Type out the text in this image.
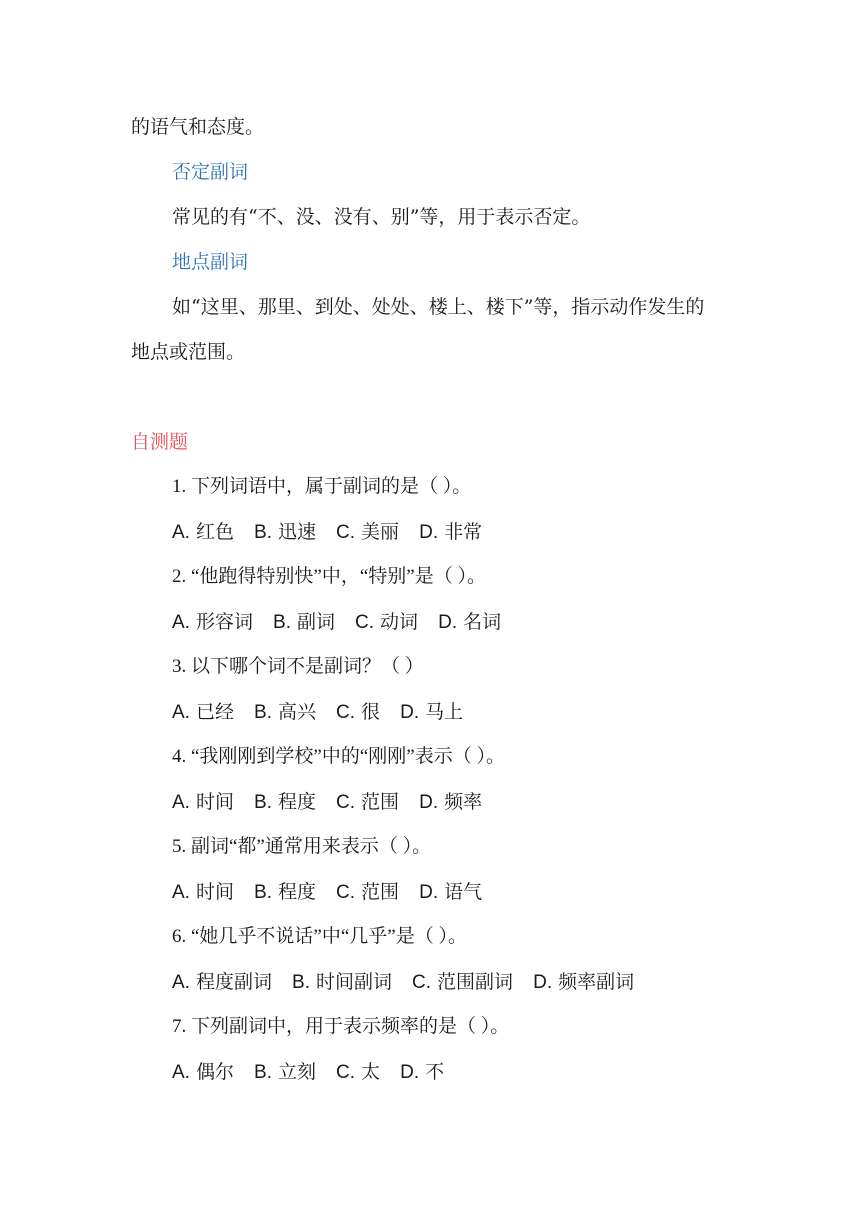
的语气和态度。
否定副词
常见的有“不、没、没有、别”等，用于表示否定。
地点副词
如“这里、那里、到处、处处、楼上、楼下”等，指示动作发生的
地点或范围。
自测题
1. 下列词语中，属于副词的是（ ）。
A. 红色 B. 迅速 C. 美丽 D. 非常
2. “他跑得特别快”中，“特别”是（ ）。
A. 形容词 B. 副词 C. 动词 D. 名词
3. 以下哪个词不是副词？（ ）
A. 已经 B. 高兴 C. 很 D. 马上
4. “我刚刚到学校”中的“刚刚”表示（ ）。
A. 时间 B. 程度 C. 范围 D. 频率
5. 副词“都”通常用来表示（ ）。
A. 时间 B. 程度 C. 范围 D. 语气
6. “她几乎不说话”中“几乎”是（ ）。
A. 程度副词 B. 时间副词 C. 范围副词 D. 频率副词
7. 下列副词中，用于表示频率的是（ ）。
A. 偶尔 B. 立刻 C. 太 D. 不
